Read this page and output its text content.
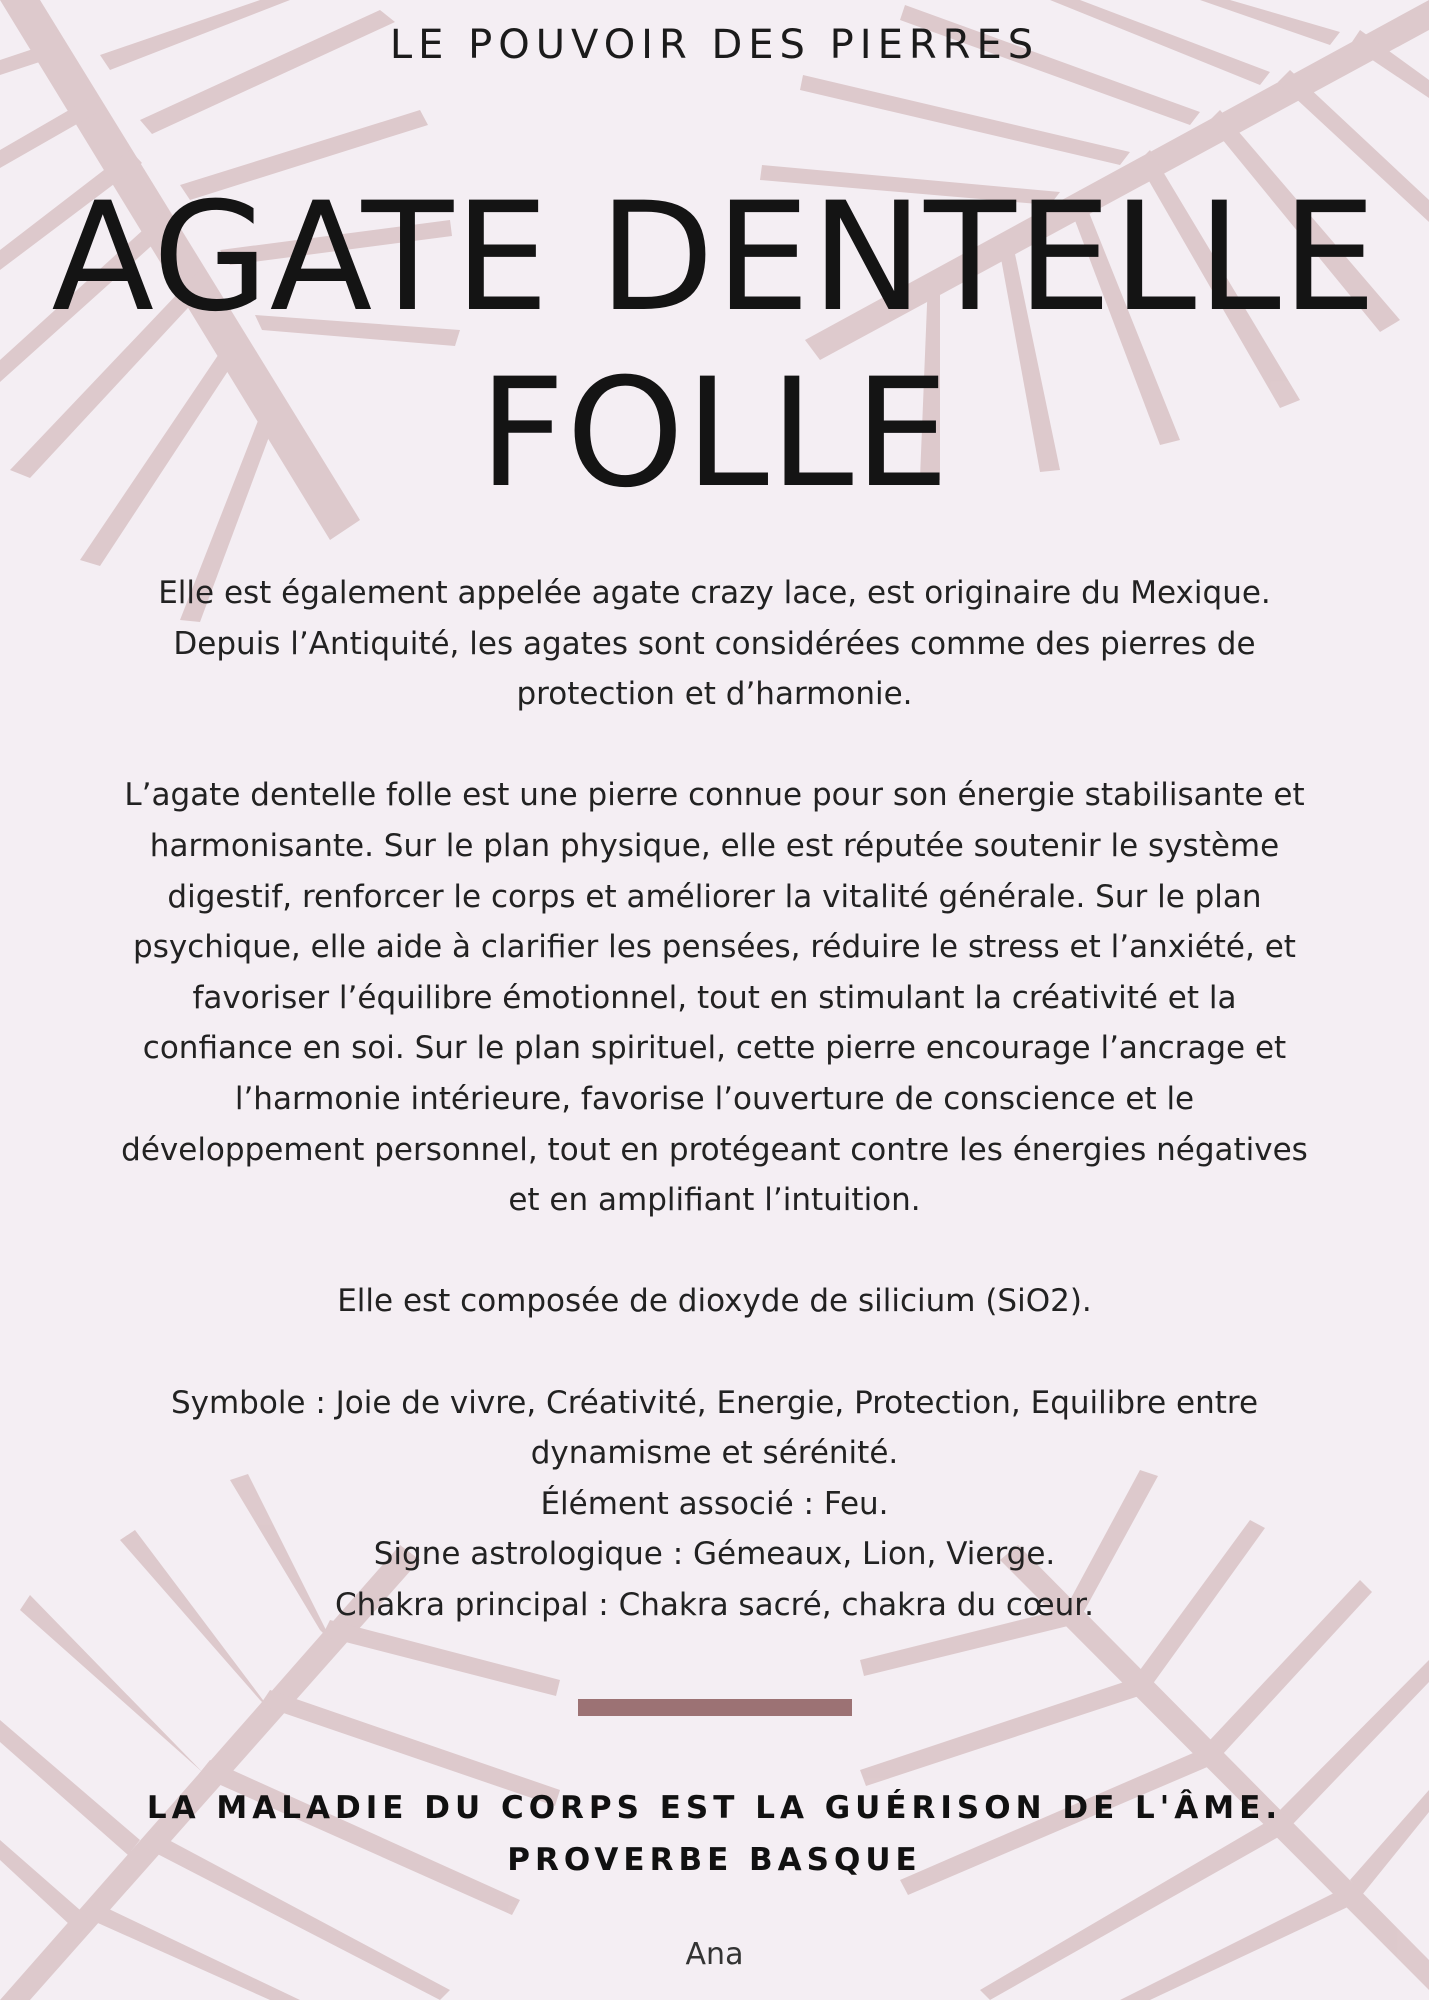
LE POUVOIR DES PIERRES
AGATE DENTELLE
FOLLE

Elle est également appelée agate crazy lace, est originaire du Mexique. Depuis l’Antiquité, les agates sont considérées comme des pierres de protection et d’harmonie.

L’agate dentelle folle est une pierre connue pour son énergie stabilisante et harmonisante. Sur le plan physique, elle est réputée soutenir le système digestif, renforcer le corps et améliorer la vitalité générale. Sur le plan psychique, elle aide à clarifier les pensées, réduire le stress et l’anxiété, et favoriser l’équilibre émotionnel, tout en stimulant la créativité et la confiance en soi. Sur le plan spirituel, cette pierre encourage l’ancrage et l’harmonie intérieure, favorise l’ouverture de conscience et le développement personnel, tout en protégeant contre les énergies négatives et en amplifiant l’intuition.

Elle est composée de dioxyde de silicium (SiO2).

Symbole : Joie de vivre, Créativité, Energie, Protection, Equilibre entre dynamisme et sérénité.

Élément associé : Feu.

Signe astrologique : Gémeaux, Lion, Vierge.

Chakra principal : Chakra sacré, chakra du cœur.

LA MALADIE DU CORPS EST LA GUÉRISON DE L'ÂME.
PROVERBE BASQUE
Ana
